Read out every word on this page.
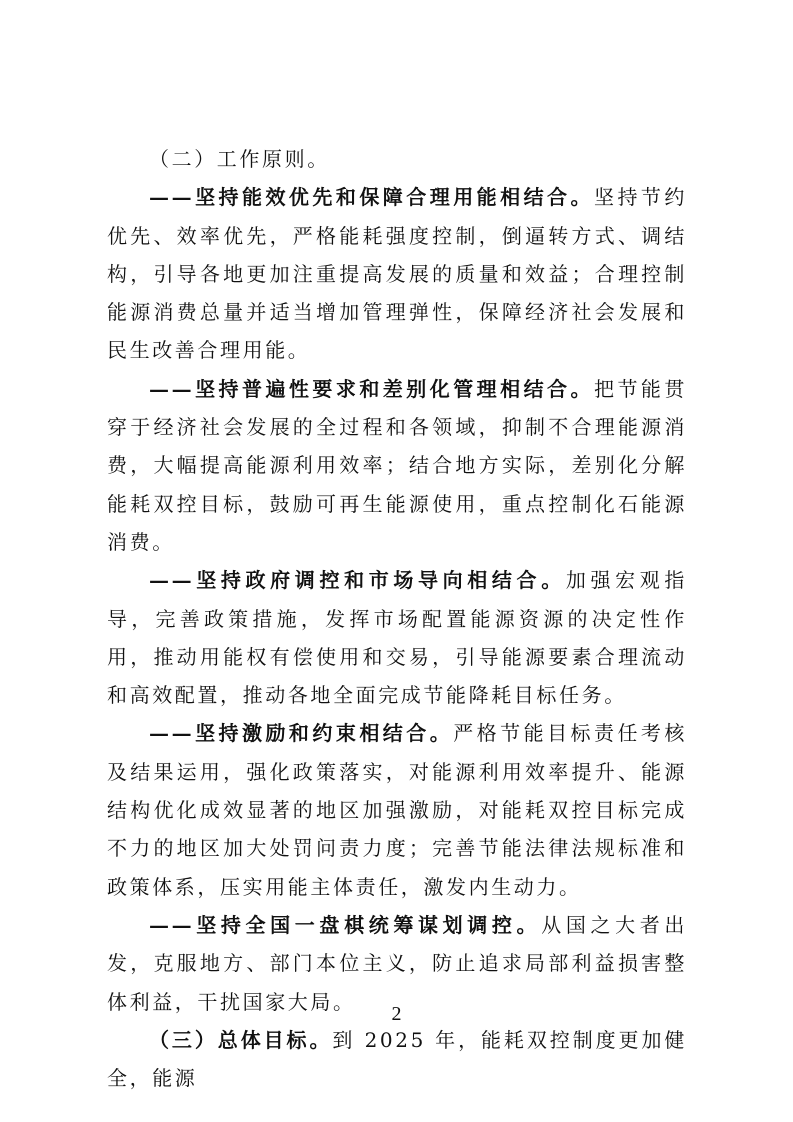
（二）工作原则。

——坚持能效优先和保障合理用能相结合。坚持节约优先、效率优先，严格能耗强度控制，倒逼转方式、调结构，引导各地更加注重提高发展的质量和效益；合理控制能源消费总量并适当增加管理弹性，保障经济社会发展和民生改善合理用能。

——坚持普遍性要求和差别化管理相结合。把节能贯穿于经济社会发展的全过程和各领域，抑制不合理能源消费，大幅提高能源利用效率；结合地方实际，差别化分解能耗双控目标，鼓励可再生能源使用，重点控制化石能源消费。

——坚持政府调控和市场导向相结合。加强宏观指导，完善政策措施，发挥市场配置能源资源的决定性作用，推动用能权有偿使用和交易，引导能源要素合理流动和高效配置，推动各地全面完成节能降耗目标任务。

——坚持激励和约束相结合。严格节能目标责任考核及结果运用，强化政策落实，对能源利用效率提升、能源结构优化成效显著的地区加强激励，对能耗双控目标完成不力的地区加大处罚问责力度；完善节能法律法规标准和政策体系，压实用能主体责任，激发内生动力。

——坚持全国一盘棋统筹谋划调控。从国之大者出发，克服地方、部门本位主义，防止追求局部利益损害整体利益，干扰国家大局。

（三）总体目标。到 2025 年，能耗双控制度更加健全，能源

2
